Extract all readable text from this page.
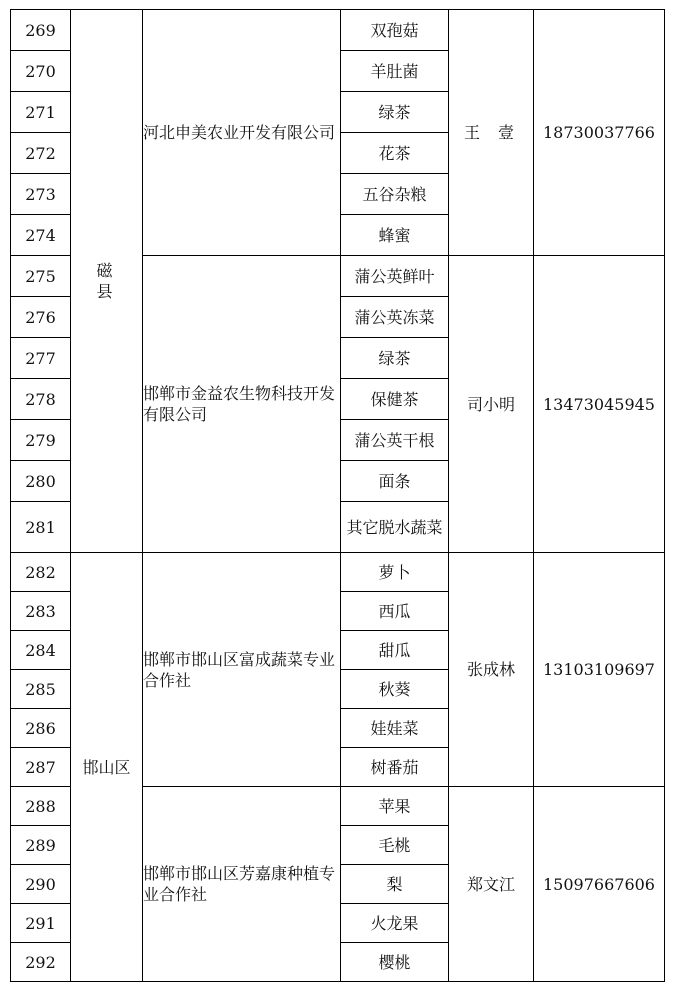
269	磁县	河北申美农业开发有限公司	双孢菇	王壹	18730037766
270			羊肚菌		
271			绿茶		
272			花茶		
273			五谷杂粮		
274			蜂蜜		
275		邯郸市金益农生物科技开发有限公司	蒲公英鲜叶	司小明	13473045945
276			蒲公英冻菜		
277			绿茶		
278			保健茶		
279			蒲公英干根		
280			面条		
281			其它脱水蔬菜		
282	邯山区	邯郸市邯山区富成蔬菜专业合作社	萝卜	张成林	13103109697
283			西瓜		
284			甜瓜		
285			秋葵		
286			娃娃菜		
287			树番茄		
288		邯郸市邯山区芳嘉康种植专业合作社	苹果	郑文江	15097667606
289			毛桃		
290			梨		
291			火龙果		
292			樱桃		
